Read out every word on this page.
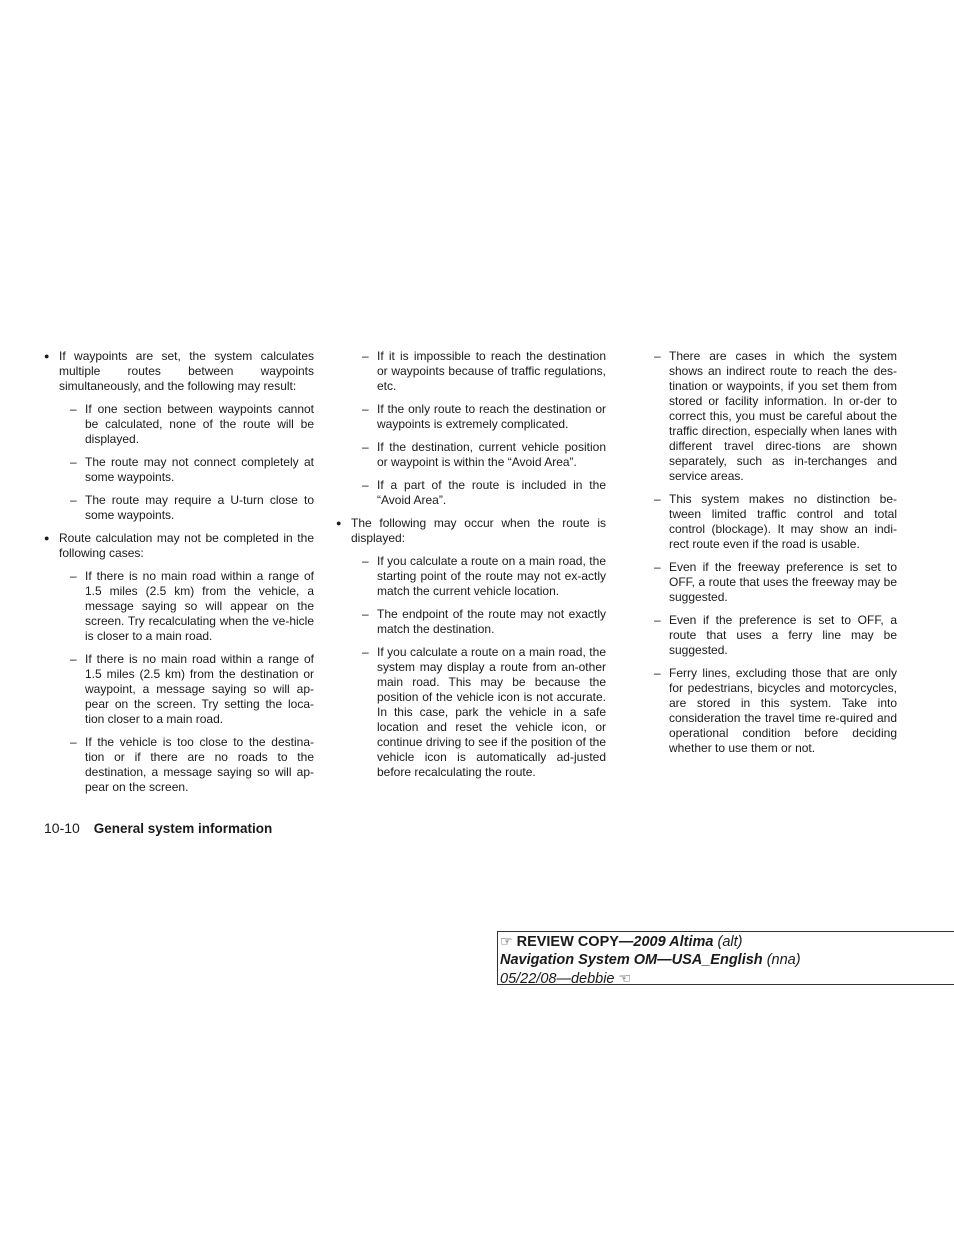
● If waypoints are set, the system calculates multiple routes between waypoints simultaneously, and the following may result:
– If one section between waypoints cannot be calculated, none of the route will be displayed.
– The route may not connect completely at some waypoints.
– The route may require a U-turn close to some waypoints.
● Route calculation may not be completed in the following cases:
– If there is no main road within a range of 1.5 miles (2.5 km) from the vehicle, a message saying so will appear on the screen. Try recalculating when the ve-hicle is closer to a main road.
– If there is no main road within a range of 1.5 miles (2.5 km) from the destination or waypoint, a message saying so will ap-pear on the screen. Try setting the loca-tion closer to a main road.
– If the vehicle is too close to the destina-tion or if there are no roads to the destination, a message saying so will ap-pear on the screen.
– If it is impossible to reach the destination or waypoints because of traffic regulations, etc.
– If the only route to reach the destination or waypoints is extremely complicated.
– If the destination, current vehicle position or waypoint is within the “Avoid Area”.
– If a part of the route is included in the “Avoid Area”.
● The following may occur when the route is displayed:
– If you calculate a route on a main road, the starting point of the route may not ex-actly match the current vehicle location.
– The endpoint of the route may not exactly match the destination.
– If you calculate a route on a main road, the system may display a route from an-other main road. This may be because the position of the vehicle icon is not accurate. In this case, park the vehicle in a safe location and reset the vehicle icon, or continue driving to see if the position of the vehicle icon is automatically ad-justed before recalculating the route.
– There are cases in which the system shows an indirect route to reach the des-tination or waypoints, if you set them from stored or facility information. In or-der to correct this, you must be careful about the traffic direction, especially when lanes with different travel direc-tions are shown separately, such as in-terchanges and service areas.
– This system makes no distinction be-tween limited traffic control and total control (blockage). It may show an indi-rect route even if the road is usable.
– Even if the freeway preference is set to OFF, a route that uses the freeway may be suggested.
– Even if the preference is set to OFF, a route that uses a ferry line may be suggested.
– Ferry lines, excluding those that are only for pedestrians, bicycles and motorcycles, are stored in this system. Take into consideration the travel time re-quired and operational condition before deciding whether to use them or not.
10-10 General system information
☞ REVIEW COPY—2009 Altima (alt)
Navigation System OM—USA_English (nna)
05/22/08—debbie ☜
